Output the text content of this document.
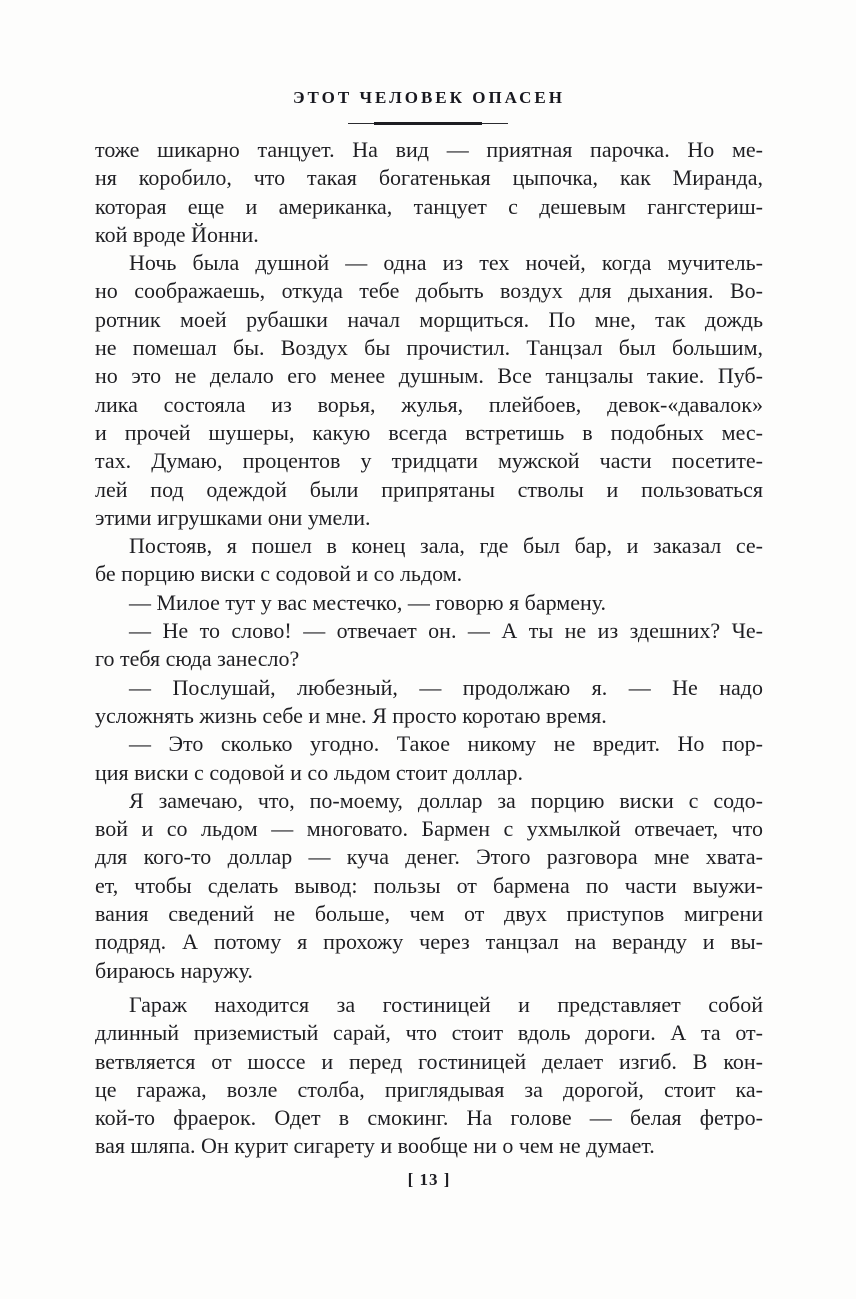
ЭТОТ ЧЕЛОВЕК ОПАСЕН
тоже шикарно танцует. На вид — приятная парочка. Но ме-
ня коробило, что такая богатенькая цыпочка, как Миранда,
которая еще и американка, танцует с дешевым гангстериш-
кой вроде Йонни.
Ночь была душной — одна из тех ночей, когда мучитель-
но соображаешь, откуда тебе добыть воздух для дыхания. Во-
ротник моей рубашки начал морщиться. По мне, так дождь
не помешал бы. Воздух бы прочистил. Танцзал был большим,
но это не делало его менее душным. Все танцзалы такие. Пуб-
лика состояла из ворья, жулья, плейбоев, девок-«давалок»
и прочей шушеры, какую всегда встретишь в подобных мес-
тах. Думаю, процентов у тридцати мужской части посетите-
лей под одеждой были припрятаны стволы и пользоваться
этими игрушками они умели.
Постояв, я пошел в конец зала, где был бар, и заказал се-
бе порцию виски с содовой и со льдом.
— Милое тут у вас местечко, — говорю я бармену.
— Не то слово! — отвечает он. — А ты не из здешних? Че-
го тебя сюда занесло?
— Послушай, любезный, — продолжаю я. — Не надо
усложнять жизнь себе и мне. Я просто коротаю время.
— Это сколько угодно. Такое никому не вредит. Но пор-
ция виски с содовой и со льдом стоит доллар.
Я замечаю, что, по-моему, доллар за порцию виски с содо-
вой и со льдом — многовато. Бармен с ухмылкой отвечает, что
для кого-то доллар — куча денег. Этого разговора мне хвата-
ет, чтобы сделать вывод: пользы от бармена по части выужи-
вания сведений не больше, чем от двух приступов мигрени
подряд. А потому я прохожу через танцзал на веранду и вы-
бираюсь наружу.
Гараж находится за гостиницей и представляет собой
длинный приземистый сарай, что стоит вдоль дороги. А та от-
ветвляется от шоссе и перед гостиницей делает изгиб. В кон-
це гаража, возле столба, приглядывая за дорогой, стоит ка-
кой-то фраерок. Одет в смокинг. На голове — белая фетро-
вая шляпа. Он курит сигарету и вообще ни о чем не думает.
[ 13 ]
